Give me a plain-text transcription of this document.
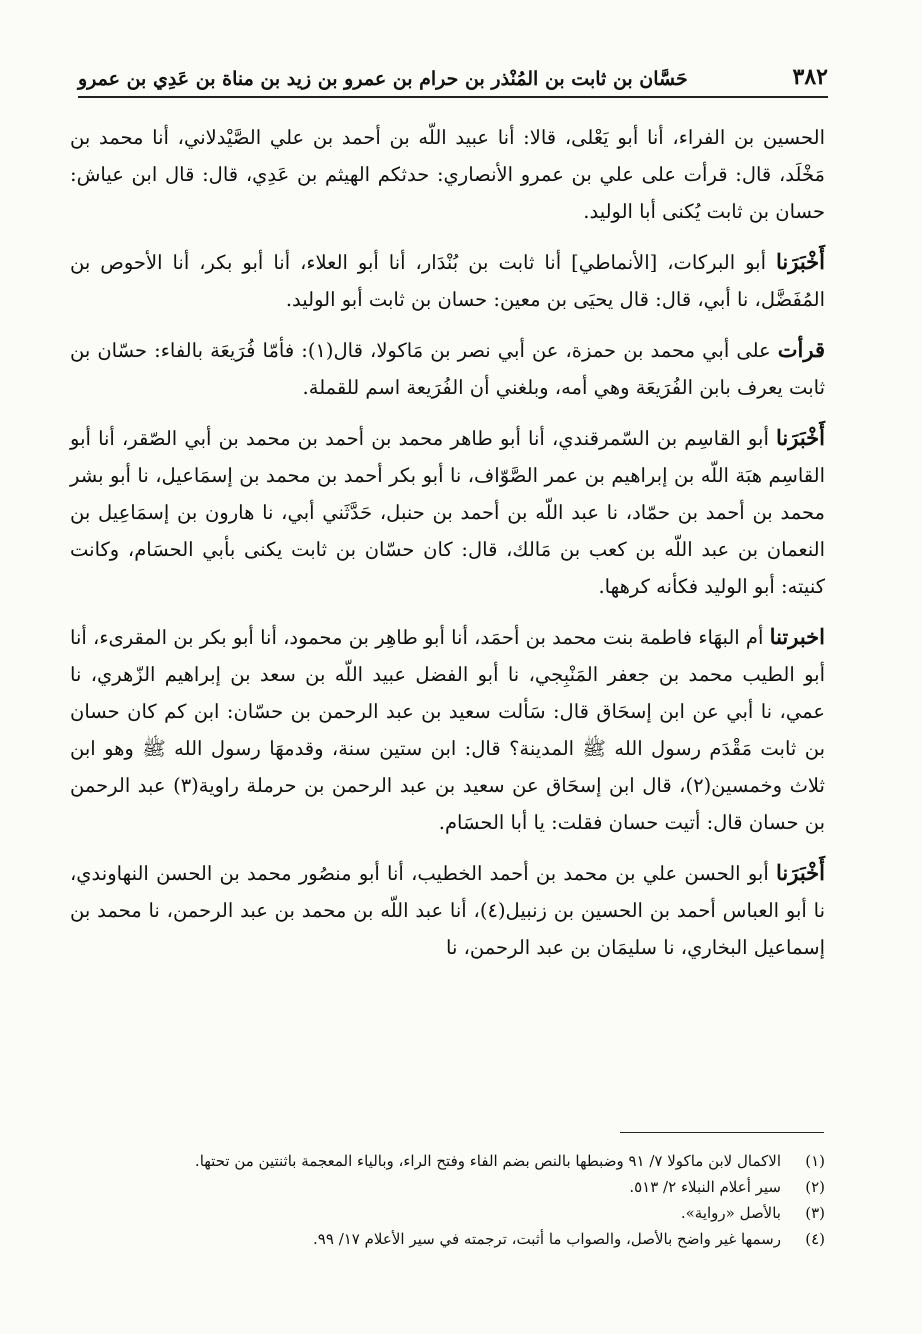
٣٨٢
حَسَّان بن ثابت بن المُنْذر بن حرام بن عمرو بن زيد بن مناة بن عَدِي بن عمرو

الحسين بن الفراء، أنا أبو يَعْلى، قالا: أنا عبيد اللّه بن أحمد بن علي الصَّيْدلاني، أنا محمد بن مَخْلَد، قال: قرأت على علي بن عمرو الأنصاري: حدثكم الهيثم بن عَدِي، قال: قال ابن عياش: حسان بن ثابت يُكنى أبا الوليد.

أَخْبَرَنا أبو البركات، [الأنماطي] أنا ثابت بن بُنْدَار، أنا أبو العلاء، أنا أبو بكر، أنا الأحوص بن المُفَضَّل، نا أبي، قال: قال يحيَى بن معين: حسان بن ثابت أبو الوليد.

قرأت على أبي محمد بن حمزة، عن أبي نصر بن مَاكولا، قال(١): فأمّا فُرَيعَة بالفاء: حسّان بن ثابت يعرف بابن الفُرَيعَة وهي أمه، وبلغني أن الفُرَيعة اسم للقملة.

أَخْبَرَنا أبو القاسِم بن السّمرقندي، أنا أبو طاهر محمد بن أحمد بن محمد بن أبي الصّقر، أنا أبو القاسِم هبَة اللّه بن إبراهيم بن عمر الصَّوّاف، نا أبو بكر أحمد بن محمد بن إسمَاعيل، نا أبو بشر محمد بن أحمد بن حمّاد، نا عبد اللّه بن أحمد بن حنبل، حَدَّثَني أبي، نا هارون بن إسمَاعِيل بن النعمان بن عبد اللّه بن كعب بن مَالك، قال: كان حسّان بن ثابت يكنى بأبي الحسَام، وكانت كنيته: أبو الوليد فكأنه كرهها.

اخبرتنا أم البهَاء فاطمة بنت محمد بن أحمَد، أنا أبو طاهِر بن محمود، أنا أبو بكر بن المقرىء، أنا أبو الطيب محمد بن جعفر المَنْبِجي، نا أبو الفضل عبيد اللّه بن سعد بن إبراهيم الزّهري، نا عمي، نا أبي عن ابن إسحَاق قال: سَألت سعيد بن عبد الرحمن بن حسّان: ابن كم كان حسان بن ثابت مَقْدَم رسول الله ﷺ المدينة؟ قال: ابن ستين سنة، وقدمهَا رسول الله ﷺ وهو ابن ثلاث وخمسين(٢)، قال ابن إسحَاق عن سعيد بن عبد الرحمن بن حرملة راوية(٣) عبد الرحمن بن حسان قال: أتيت حسان فقلت: يا أبا الحسَام.

أَخْبَرَنا أبو الحسن علي بن محمد بن أحمد الخطيب، أنا أبو منصُور محمد بن الحسن النهاوندي، نا أبو العباس أحمد بن الحسين بن زنبيل(٤)، أنا عبد اللّه بن محمد بن عبد الرحمن، نا محمد بن إسماعيل البخاري، نا سليمَان بن عبد الرحمن، نا

(١)
الاكمال لابن ماكولا ٧/ ٩١ وضبطها بالنص بضم الفاء وفتح الراء، وبالياء المعجمة باثنتين من تحتها.
(٢)
سير أعلام النبلاء ٢/ ٥١٣.
(٣)
بالأصل «رواية».
(٤)
رسمها غير واضح بالأصل، والصواب ما أثبت، ترجمته في سير الأعلام ١٧/ ٩٩.
